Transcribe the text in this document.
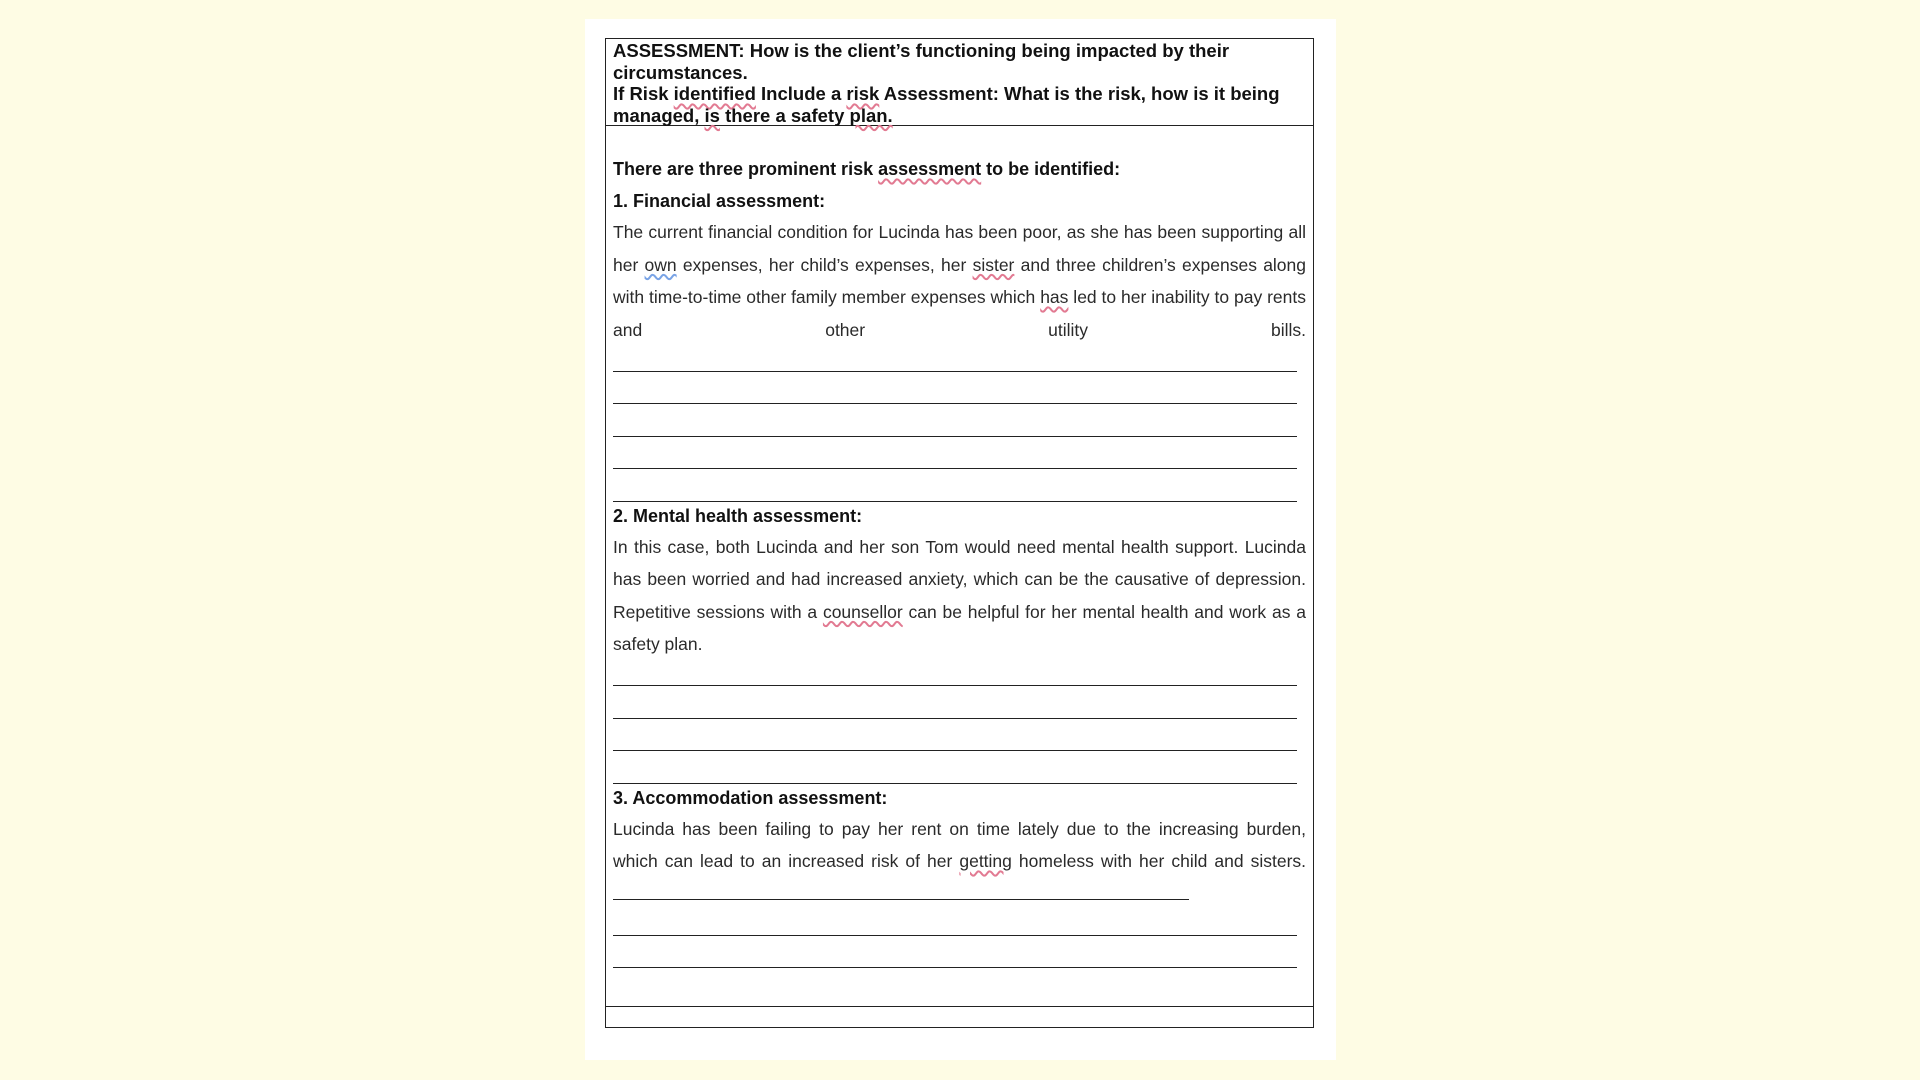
ASSESSMENT: How is the client’s functioning being impacted by their circumstances.

If Risk identified Include a risk Assessment: What is the risk, how is it being managed, is there a safety plan.

There are three prominent risk assessment to be identified:

1. Financial assessment:

The current financial condition for Lucinda has been poor, as she has been supporting all her own expenses, her child’s expenses, her sister and three children’s expenses along with time-to-time other family member expenses which has led to her inability to pay rents and other utility bills.

2. Mental health assessment:

In this case, both Lucinda and her son Tom would need mental health support. Lucinda has been worried and had increased anxiety, which can be the causative of depression. Repetitive sessions with a counsellor can be helpful for her mental health and work as a safety plan.

3. Accommodation assessment:

Lucinda has been failing to pay her rent on time lately due to the increasing burden, which can lead to an increased risk of her getting homeless with her child and sisters.
